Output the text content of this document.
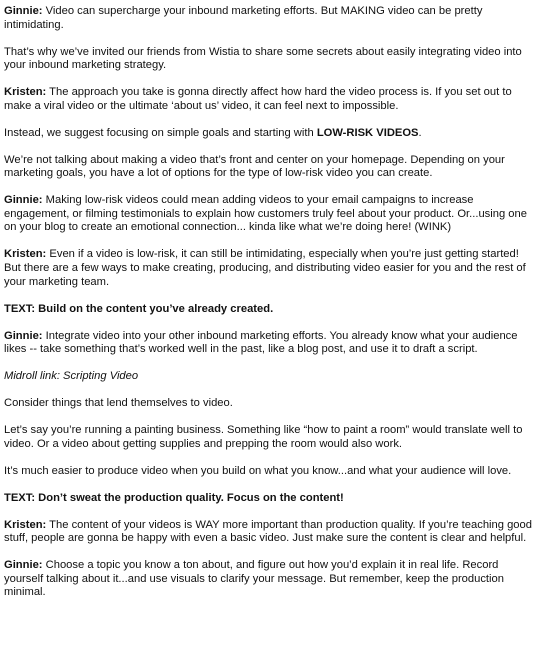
Ginnie: Video can supercharge your inbound marketing efforts. But MAKING video can be pretty intimidating.

That’s why we’ve invited our friends from Wistia to share some secrets about easily integrating video into your inbound marketing strategy.

Kristen: The approach you take is gonna directly affect how hard the video process is. If you set out to make a viral video or the ultimate ‘about us’ video, it can feel next to impossible.

Instead, we suggest focusing on simple goals and starting with LOW-RISK VIDEOS.

We’re not talking about making a video that’s front and center on your homepage. Depending on your marketing goals, you have a lot of options for the type of low-risk video you can create.

Ginnie: Making low-risk videos could mean adding videos to your email campaigns to increase engagement, or filming testimonials to explain how customers truly feel about your product. Or...using one on your blog to create an emotional connection... kinda like what we’re doing here! (WINK)

Kristen: Even if a video is low-risk, it can still be intimidating, especially when you’re just getting started! But there are a few ways to make creating, producing, and distributing video easier for you and the rest of your marketing team.

TEXT: Build on the content you’ve already created.

Ginnie: Integrate video into your other inbound marketing efforts. You already know what your audience likes -- take something that’s worked well in the past, like a blog post, and use it to draft a script.

Midroll link: Scripting Video

Consider things that lend themselves to video.

Let’s say you’re running a painting business. Something like “how to paint a room” would translate well to video. Or a video about getting supplies and prepping the room would also work.

It’s much easier to produce video when you build on what you know...and what your audience will love.

TEXT: Don’t sweat the production quality. Focus on the content!

Kristen: The content of your videos is WAY more important than production quality. If you’re teaching good stuff, people are gonna be happy with even a basic video. Just make sure the content is clear and helpful.

Ginnie: Choose a topic you know a ton about, and figure out how you’d explain it in real life. Record yourself talking about it...and use visuals to clarify your message. But remember, keep the production minimal.
